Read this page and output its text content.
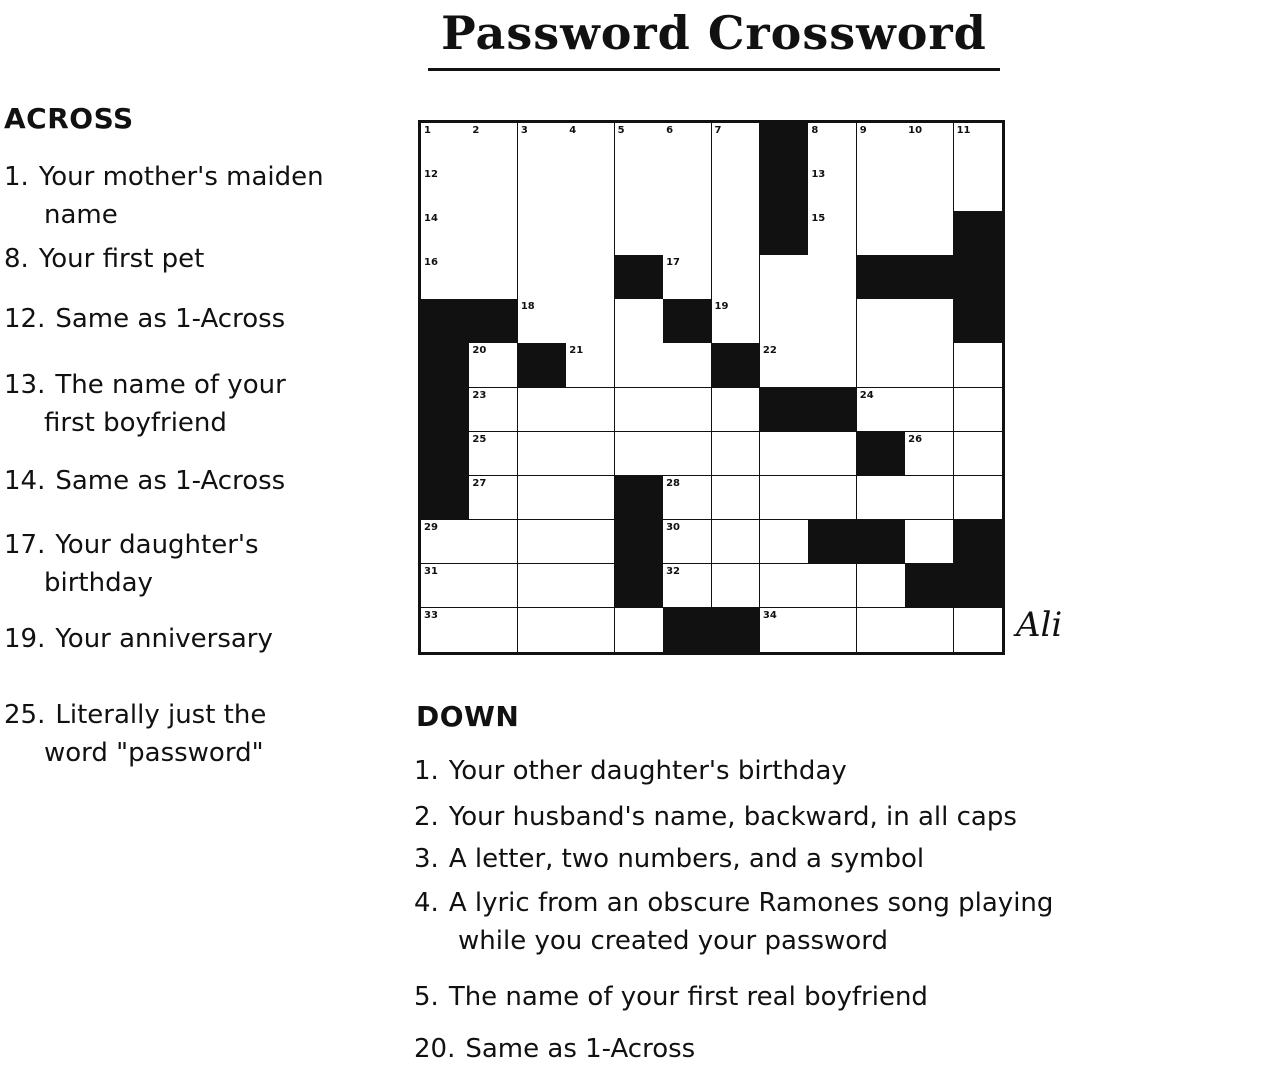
Password Crossword
ACROSS
1. Your mother's maiden
name
8. Your first pet
12. Same as 1-Across
13. The name of your
first boyfriend
14. Same as 1-Across
17. Your daughter's
birthday
19. Your anniversary
25. Literally just the
word "password"
1	2	3	4	5	6	7	8	9	10	11
12	13
14	15
16	17
18	19
20	21	22
23	24
25	26
27	28
29	30
31	32
33	34	Ali
DOWN
1. Your other daughter's birthday
2. Your husband's name, backward, in all caps
3. A letter, two numbers, and a symbol
4. A lyric from an obscure Ramones song playing
while you created your password
5. The name of your first real boyfriend
20. Same as 1-Across
